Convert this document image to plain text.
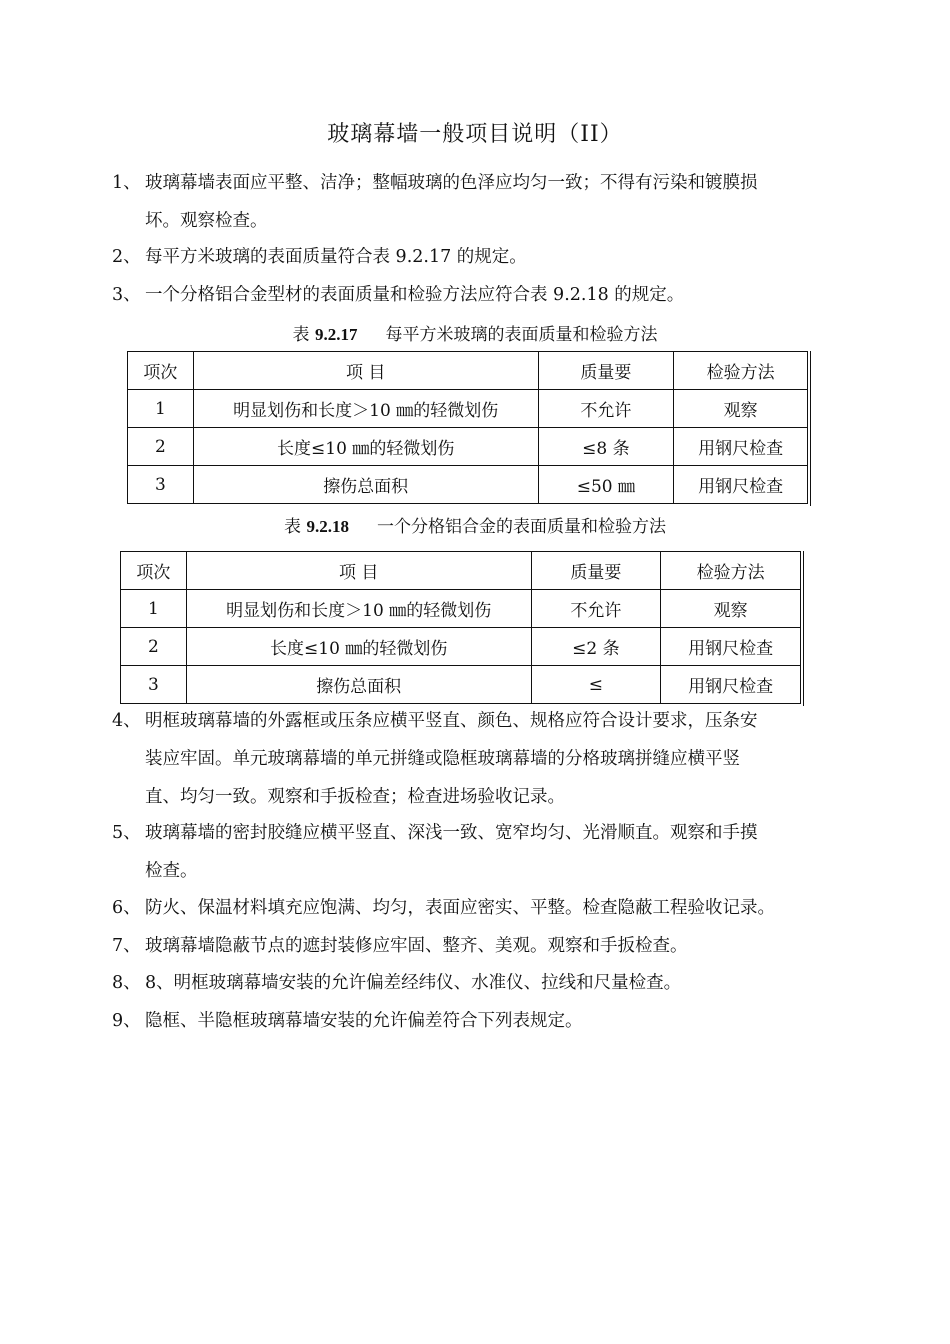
玻璃幕墙一般项目说明（II）
1、 玻璃幕墙表面应平整、洁净；整幅玻璃的色泽应均匀一致；不得有污染和镀膜损
坏。观察检查。
2、 每平方米玻璃的表面质量符合表 9.2.17 的规定。
3、 一个分格铝合金型材的表面质量和检验方法应符合表 9.2.18 的规定。
表 9.2.17 每平方米玻璃的表面质量和检验方法
项次	项 目	质量要	检验方法
1	明显划伤和长度＞10 ㎜的轻微划伤	不允许	观察
2	长度≤10 ㎜的轻微划伤	≤8 条	用钢尺检查
3	擦伤总面积	≤50 ㎜	用钢尺检查
表 9.2.18 一个分格铝合金的表面质量和检验方法
项次	项 目	质量要	检验方法
1	明显划伤和长度＞10 ㎜的轻微划伤	不允许	观察
2	长度≤10 ㎜的轻微划伤	≤2 条	用钢尺检查
3	擦伤总面积	≤	用钢尺检查
4、 明框玻璃幕墙的外露框或压条应横平竖直、颜色、规格应符合设计要求，压条安
装应牢固。单元玻璃幕墙的单元拼缝或隐框玻璃幕墙的分格玻璃拼缝应横平竖
直、均匀一致。观察和手扳检查；检查进场验收记录。
5、 玻璃幕墙的密封胶缝应横平竖直、深浅一致、宽窄均匀、光滑顺直。观察和手摸
检查。
6、 防火、保温材料填充应饱满、均匀，表面应密实、平整。检查隐蔽工程验收记录。
7、 玻璃幕墙隐蔽节点的遮封装修应牢固、整齐、美观。观察和手扳检查。
8、 8、明框玻璃幕墙安装的允许偏差经纬仪、水准仪、拉线和尺量检查。
9、 隐框、半隐框玻璃幕墙安装的允许偏差符合下列表规定。
